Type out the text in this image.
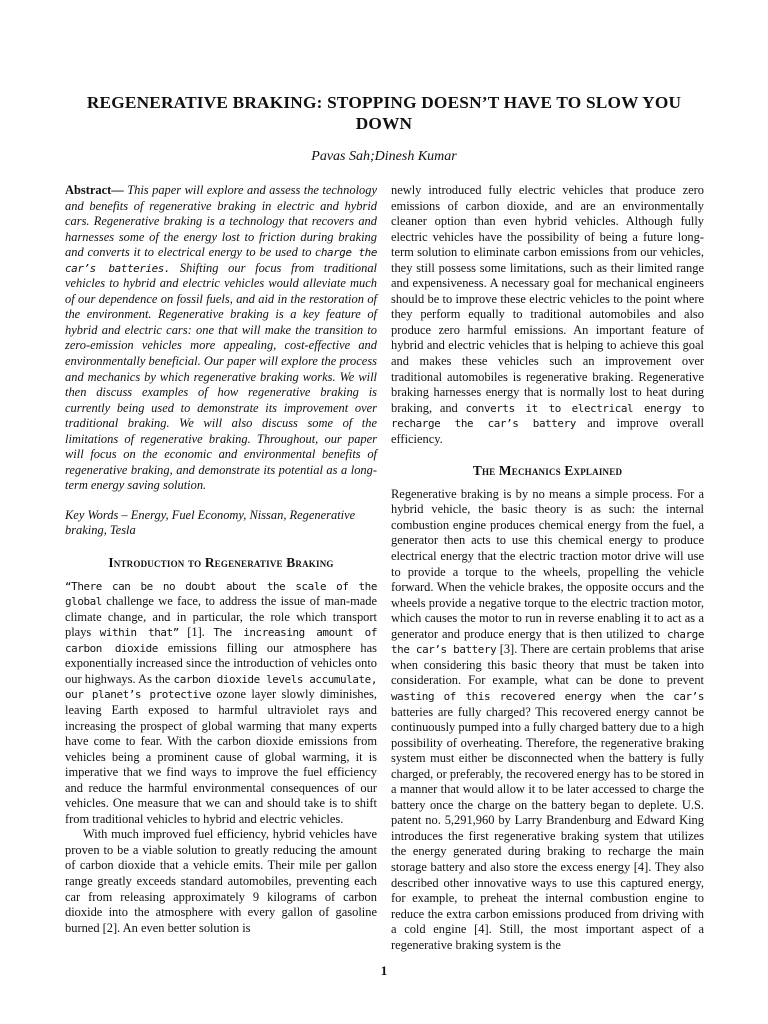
REGENERATIVE BRAKING: STOPPING DOESN’T HAVE TO SLOW YOU DOWN
Pavas Sah;Dinesh Kumar

Abstract— This paper will explore and assess the technology and benefits of regenerative braking in electric and hybrid cars. Regenerative braking is a technology that recovers and harnesses some of the energy lost to friction during braking and converts it to electrical energy to be used to charge the car’s batteries. Shifting our focus from traditional vehicles to hybrid and electric vehicles would alleviate much of our dependence on fossil fuels, and aid in the restoration of the environment. Regenerative braking is a key feature of hybrid and electric cars: one that will make the transition to zero-emission vehicles more appealing, cost-effective and environmentally beneficial. Our paper will explore the process and mechanics by which regenerative braking works. We will then discuss examples of how regenerative braking is currently being used to demonstrate its improvement over traditional braking. We will also discuss some of the limitations of regenerative braking. Throughout, our paper will focus on the economic and environmental benefits of regenerative braking, and demonstrate its potential as a long-term energy saving solution.

Key Words – Energy, Fuel Economy, Nissan, Regenerative braking, Tesla

Introduction to Regenerative Braking

“There can be no doubt about the scale of the global challenge we face, to address the issue of man-made climate change, and in particular, the role which transport plays within that” [1]. The increasing amount of carbon dioxide emissions filling our atmosphere has exponentially increased since the introduction of vehicles onto our highways. As the carbon dioxide levels accumulate, our planet’s protective ozone layer slowly diminishes, leaving Earth exposed to harmful ultraviolet rays and increasing the prospect of global warming that many experts have come to fear. With the carbon dioxide emissions from vehicles being a prominent cause of global warming, it is imperative that we find ways to improve the fuel efficiency and reduce the harmful environmental consequences of our vehicles. One measure that we can and should take is to shift from traditional vehicles to hybrid and electric vehicles.

With much improved fuel efficiency, hybrid vehicles have proven to be a viable solution to greatly reducing the amount of carbon dioxide that a vehicle emits. Their mile per gallon range greatly exceeds standard automobiles, preventing each car from releasing approximately 9 kilograms of carbon dioxide into the atmosphere with every gallon of gasoline burned [2]. An even better solution is

newly introduced fully electric vehicles that produce zero emissions of carbon dioxide, and are an environmentally cleaner option than even hybrid vehicles. Although fully electric vehicles have the possibility of being a future long-term solution to eliminate carbon emissions from our vehicles, they still possess some limitations, such as their limited range and expensiveness. A necessary goal for mechanical engineers should be to improve these electric vehicles to the point where they perform equally to traditional automobiles and also produce zero harmful emissions. An important feature of hybrid and electric vehicles that is helping to achieve this goal and makes these vehicles such an improvement over traditional automobiles is regenerative braking. Regenerative braking harnesses energy that is normally lost to heat during braking, and converts it to electrical energy to recharge the car’s battery and improve overall efficiency.

The Mechanics Explained

Regenerative braking is by no means a simple process. For a hybrid vehicle, the basic theory is as such: the internal combustion engine produces chemical energy from the fuel, a generator then acts to use this chemical energy to produce electrical energy that the electric traction motor drive will use to provide a torque to the wheels, propelling the vehicle forward. When the vehicle brakes, the opposite occurs and the wheels provide a negative torque to the electric traction motor, which causes the motor to run in reverse enabling it to act as a generator and produce energy that is then utilized to charge the car’s battery [3]. There are certain problems that arise when considering this basic theory that must be taken into consideration. For example, what can be done to prevent wasting of this recovered energy when the car’s batteries are fully charged? This recovered energy cannot be continuously pumped into a fully charged battery due to a high possibility of overheating. Therefore, the regenerative braking system must either be disconnected when the battery is fully charged, or preferably, the recovered energy has to be stored in a manner that would allow it to be later accessed to charge the battery once the charge on the battery began to deplete. U.S. patent no. 5,291,960 by Larry Brandenburg and Edward King introduces the first regenerative braking system that utilizes the energy generated during braking to recharge the main storage battery and also store the excess energy [4]. They also described other innovative ways to use this captured energy, for example, to preheat the internal combustion engine to reduce the extra carbon emissions produced from driving with a cold engine [4]. Still, the most important aspect of a regenerative braking system is the

1
